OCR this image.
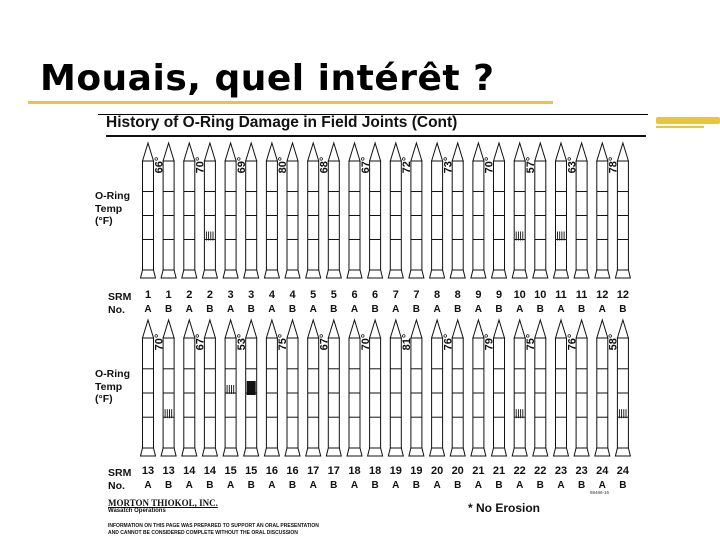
Mouais, quel intérêt ?
History of O-Ring Damage in Field Joints (Cont)
O-Ring
Temp
(°F)
SRM
No.
O-Ring
Temp
(°F)
SRM
No.
66°
1 1
A B
70°
2 2
A B
69°
3 3
A B
80°
4 4
A B
68°
5 5
A B
67°
6 6
A B
72°
7 7
A B
73°
8 8
A B
70°
9 9
A B
57°
10 10
A B
63°
11 11
A B
78°
12 12
A B
70°
13 13
A B
67°
14 14
A B
53°
15 15
A B
75°
16 16
A B
67°
17 17
A B
70°
18 18
A B
81°
19 19
A B
76°
20 20
A B
79°
21 21
A B
75°
22 22
A B
76°
23 23
A B
58°
24 24
A B
88486-16
* No Erosion
MORTON THIOKOL, INC.
Wasatch Operations
INFORMATION ON THIS PAGE WAS PREPARED TO SUPPORT AN ORAL PRESENTATION
AND CANNOT BE CONSIDERED COMPLETE WITHOUT THE ORAL DISCUSSION
